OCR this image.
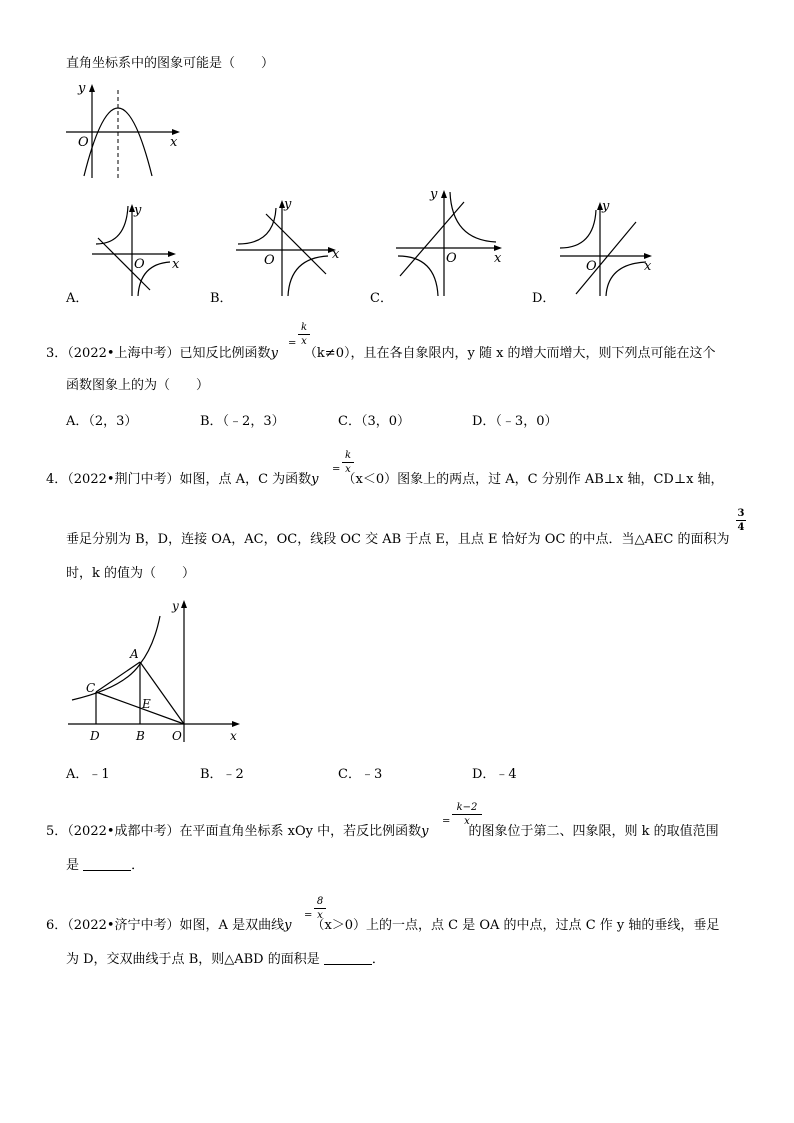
直角坐标系中的图象可能是（　　）
y
x
O
y
x
O
A．
y
x
O
B．
y
x
O
C．
y
x
O
D．
3．（2022•上海中考）已知反比例函数y （k≠0），且在各自象限内，y 随 x 的增大而增大，则下列点可能在这个
k
x
=
函数图象上的为（　　）
A．（2，3）	B．（﹣2，3）	C．（3，0）	D．（﹣3，0）
4．（2022•荆门中考）如图，点 A，C 为函数y （x＜0）图象上的两点，过 A，C 分别作 AB⊥x 轴，CD⊥x 轴，
k
x
=
垂足分别为 B，D，连接 OA，AC，OC，线段 OC 交 AB 于点 E，且点 E 恰好为 OC 的中点．当△AEC 的面积为
3
4
时，k 的值为（　　）
A
C
E
D	B O	x
y
A．﹣1	B．﹣2	C．﹣3	D．﹣4
5．（2022•成都中考）在平面直角坐标系 xOy 中，若反比例函数y	的图象位于第二、四象限，则 k 的取值范围
k−2
x
=
是	．
6．（2022•济宁中考）如图，A 是双曲线y （x＞0）上的一点，点 C 是 OA 的中点，过点 C 作 y 轴的垂线，垂足
8
x
=
为 D，交双曲线于点 B，则△ABD 的面积是	．
